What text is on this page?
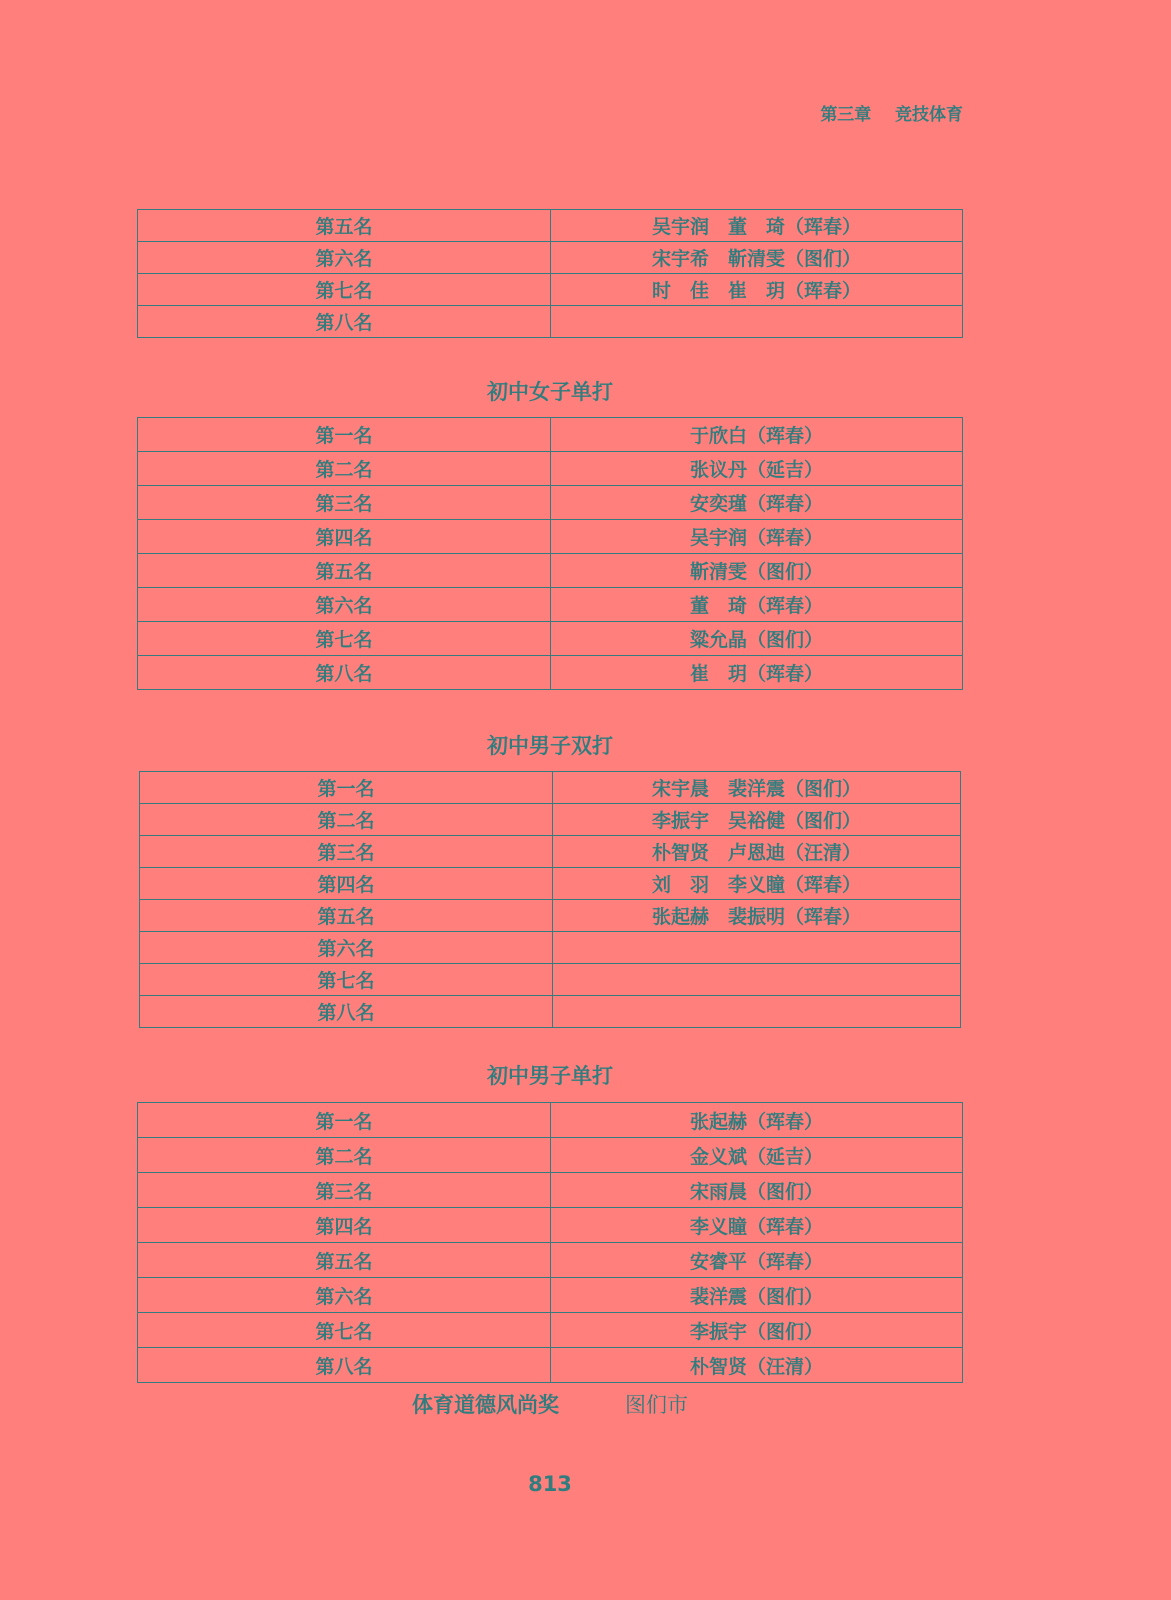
第三章    竞技体育
第五名	吴宇润　董　琦（珲春）
第六名	宋宇希　靳清雯（图们）
第七名	时　佳　崔　玥（珲春）
第八名	
初中女子单打
第一名	于欣白（珲春）
第二名	张议丹（延吉）
第三名	安奕瑾（珲春）
第四名	吴宇润（珲春）
第五名	靳清雯（图们）
第六名	董　琦（珲春）
第七名	粱允晶（图们）
第八名	崔　玥（珲春）
初中男子双打
第一名	宋宇晨　裴洋震（图们）
第二名	李振宇　吴裕健（图们）
第三名	朴智贤　卢恩迪（汪清）
第四名	刘　羽　李义瞳（珲春）
第五名	张起赫　裴振明（珲春）
第六名	
第七名	
第八名	
初中男子单打
第一名	张起赫（珲春）
第二名	金义斌（延吉）
第三名	宋雨晨（图们）
第四名	李义瞳（珲春）
第五名	安睿平（珲春）
第六名	裴洋震（图们）
第七名	李振宇（图们）
第八名	朴智贤（汪清）
体育道德风尚奖	图们市
813
